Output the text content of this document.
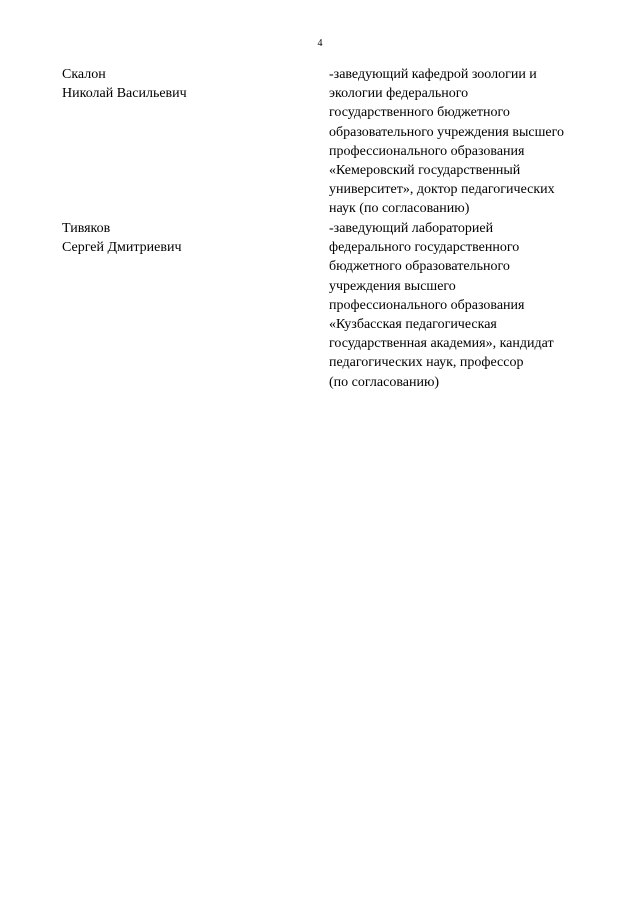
4
Скалон
Николай Васильевич
-заведующий кафедрой зоологии и
экологии федерального
государственного бюджетного
образовательного учреждения высшего
профессионального образования
«Кемеровский государственный
университет», доктор педагогических
наук (по согласованию)
Тивяков
Сергей Дмитриевич
-заведующий лабораторией
федерального государственного
бюджетного образовательного
учреждения высшего
профессионального образования
«Кузбасская педагогическая
государственная академия», кандидат
педагогических наук, профессор
(по согласованию)
